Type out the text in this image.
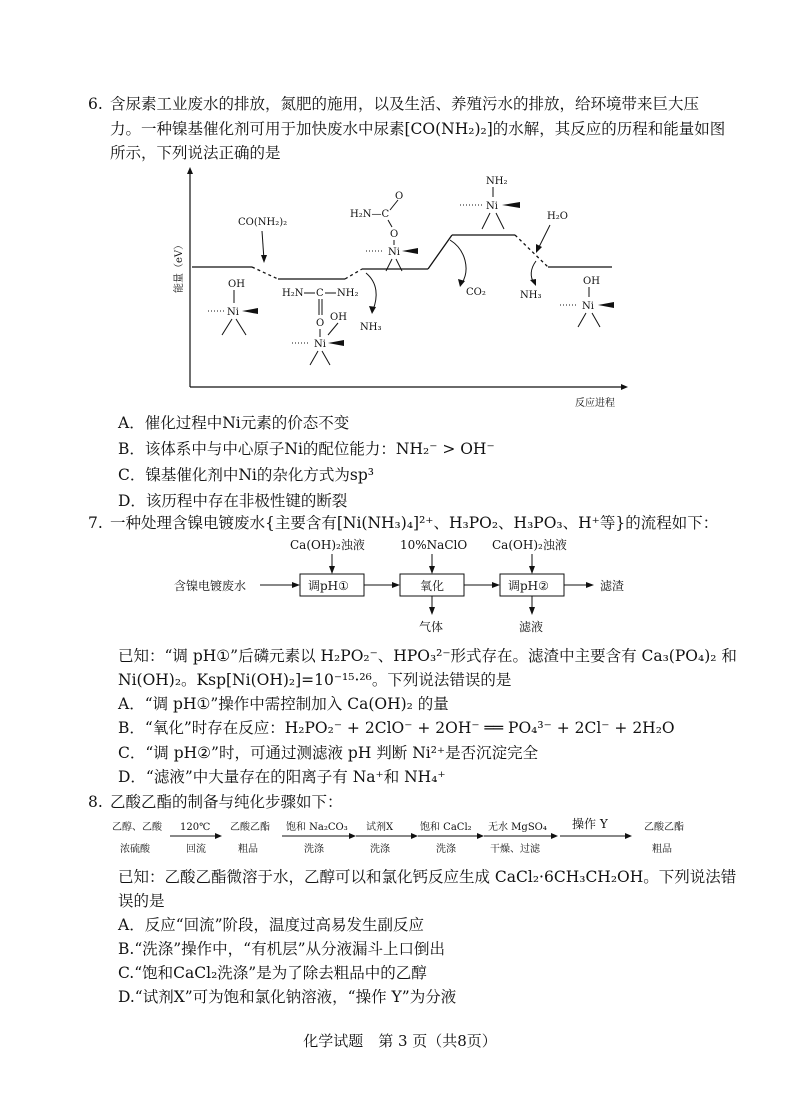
6. 含尿素工业废水的排放，氮肥的施用，以及生活、养殖污水的排放，给环境带来巨大压
力。一种镍基催化剂可用于加快废水中尿素[CO(NH₂)₂]的水解，其反应的历程和能量如图
所示，下列说法正确的是
能量（eV）
反应进程
CO(NH₂)₂
OH
Ni
H₂N C NH₂
O
OH
Ni
H₂N—C
O
O
Ni
NH₃
NH₂
Ni
CO₂
H₂O
NH₃
OH
Ni
A．催化过程中Ni元素的价态不变
B．该体系中与中心原子Ni的配位能力：NH₂⁻ > OH⁻
C．镍基催化剂中Ni的杂化方式为sp³
D．该历程中存在非极性键的断裂
7. 一种处理含镍电镀废水{主要含有[Ni(NH₃)₄]²⁺、H₃PO₂、H₃PO₃、H⁺等}的流程如下：
含镍电镀废水	调pH①
Ca(OH)₂浊液
氧化
10%NaClO
气体
调pH②
Ca(OH)₂浊液
滤液
滤渣
已知：“调 pH①”后磷元素以 H₂PO₂⁻、HPO₃²⁻形式存在。滤渣中主要含有 Ca₃(PO₄)₂ 和
Ni(OH)₂。Ksp[Ni(OH)₂]=10⁻¹⁵·²⁶。下列说法错误的是
A．“调 pH①”操作中需控制加入 Ca(OH)₂ 的量
B．“氧化”时存在反应：H₂PO₂⁻ + 2ClO⁻ + 2OH⁻ ══ PO₄³⁻ + 2Cl⁻ + 2H₂O
C．“调 pH②”时，可通过测滤液 pH 判断 Ni²⁺是否沉淀完全
D．“滤液”中大量存在的阳离子有 Na⁺和 NH₄⁺
8. 乙酸乙酯的制备与纯化步骤如下：
乙醇、乙酸
浓硫酸
120℃
回流
乙酸乙酯
粗品
饱和 Na₂CO₃
洗涤
试剂X
洗涤
饱和 CaCl₂
洗涤
无水 MgSO₄
干燥、过滤
操作 Y	乙酸乙酯
粗品
已知：乙酸乙酯微溶于水，乙醇可以和氯化钙反应生成 CaCl₂·6CH₃CH₂OH。下列说法错
误的是
A．反应“回流”阶段，温度过高易发生副反应
B.“洗涤”操作中，“有机层”从分液漏斗上口倒出
C.“饱和CaCl₂洗涤”是为了除去粗品中的乙醇
D.“试剂X”可为饱和氯化钠溶液，“操作 Y”为分液
化学试题　第 3 页（共8页）
